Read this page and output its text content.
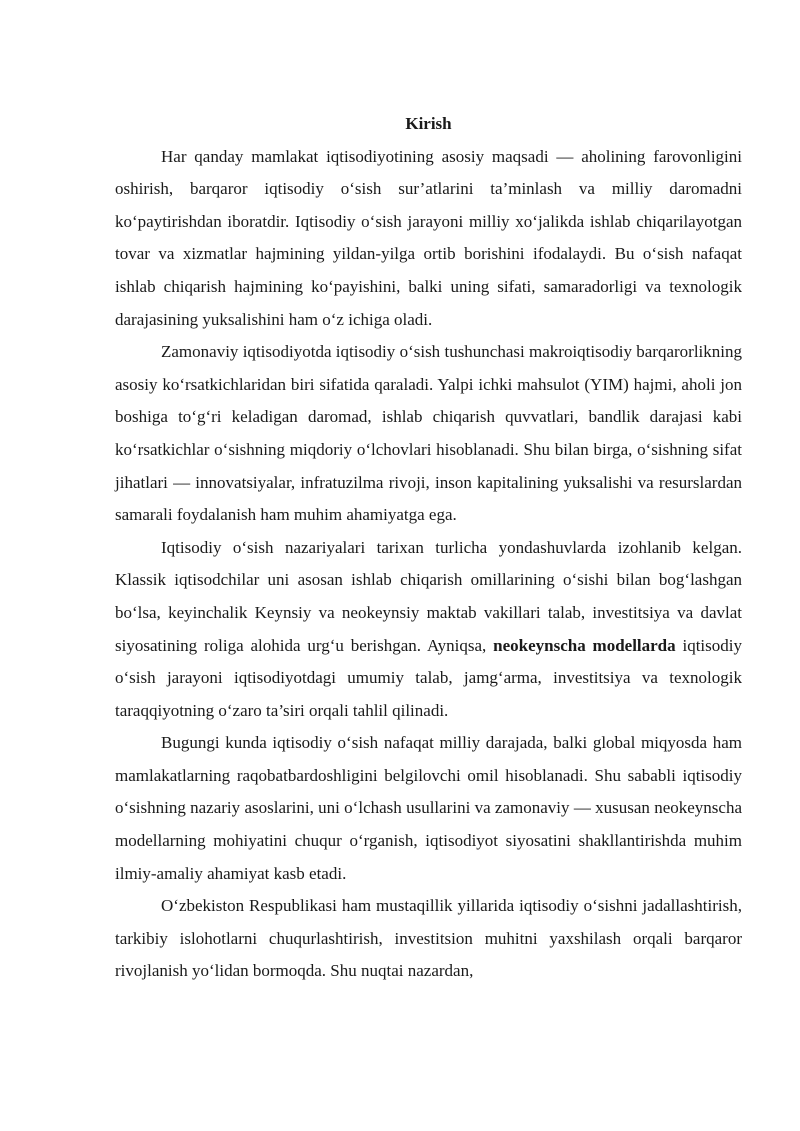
Kirish

Har qanday mamlakat iqtisodiyotining asosiy maqsadi — aholining farovonligini oshirish, barqaror iqtisodiy o‘sish sur’atlarini ta’minlash va milliy daromadni ko‘paytirishdan iboratdir. Iqtisodiy o‘sish jarayoni milliy xo‘jalikda ishlab chiqarilayotgan tovar va xizmatlar hajmining yildan-yilga ortib borishini ifodalaydi. Bu o‘sish nafaqat ishlab chiqarish hajmining ko‘payishini, balki uning sifati, samaradorligi va texnologik darajasining yuksalishini ham o‘z ichiga oladi.

Zamonaviy iqtisodiyotda iqtisodiy o‘sish tushunchasi makroiqtisodiy barqarorlikning asosiy ko‘rsatkichlaridan biri sifatida qaraladi. Yalpi ichki mahsulot (YIM) hajmi, aholi jon boshiga to‘g‘ri keladigan daromad, ishlab chiqarish quvvatlari, bandlik darajasi kabi ko‘rsatkichlar o‘sishning miqdoriy o‘lchovlari hisoblanadi. Shu bilan birga, o‘sishning sifat jihatlari — innovatsiyalar, infratuzilma rivoji, inson kapitalining yuksalishi va resurslardan samarali foydalanish ham muhim ahamiyatga ega.

Iqtisodiy o‘sish nazariyalari tarixan turlicha yondashuvlarda izohlanib kelgan. Klassik iqtisodchilar uni asosan ishlab chiqarish omillarining o‘sishi bilan bog‘lashgan bo‘lsa, keyinchalik Keynsiy va neokeynsiy maktab vakillari talab, investitsiya va davlat siyosatining roliga alohida urg‘u berishgan. Ayniqsa, neokeynscha modellarda iqtisodiy o‘sish jarayoni iqtisodiyotdagi umumiy talab, jamg‘arma, investitsiya va texnologik taraqqiyotning o‘zaro ta’siri orqali tahlil qilinadi.

Bugungi kunda iqtisodiy o‘sish nafaqat milliy darajada, balki global miqyosda ham mamlakatlarning raqobatbardoshligini belgilovchi omil hisoblanadi. Shu sababli iqtisodiy o‘sishning nazariy asoslarini, uni o‘lchash usullarini va zamonaviy — xususan neokeynscha modellarning mohiyatini chuqur o‘rganish, iqtisodiyot siyosatini shakllantirishda muhim ilmiy-amaliy ahamiyat kasb etadi.

O‘zbekiston Respublikasi ham mustaqillik yillarida iqtisodiy o‘sishni jadallashtirish, tarkibiy islohotlarni chuqurlashtirish, investitsion muhitni yaxshilash orqali barqaror rivojlanish yo‘lidan bormoqda. Shu nuqtai nazardan,
